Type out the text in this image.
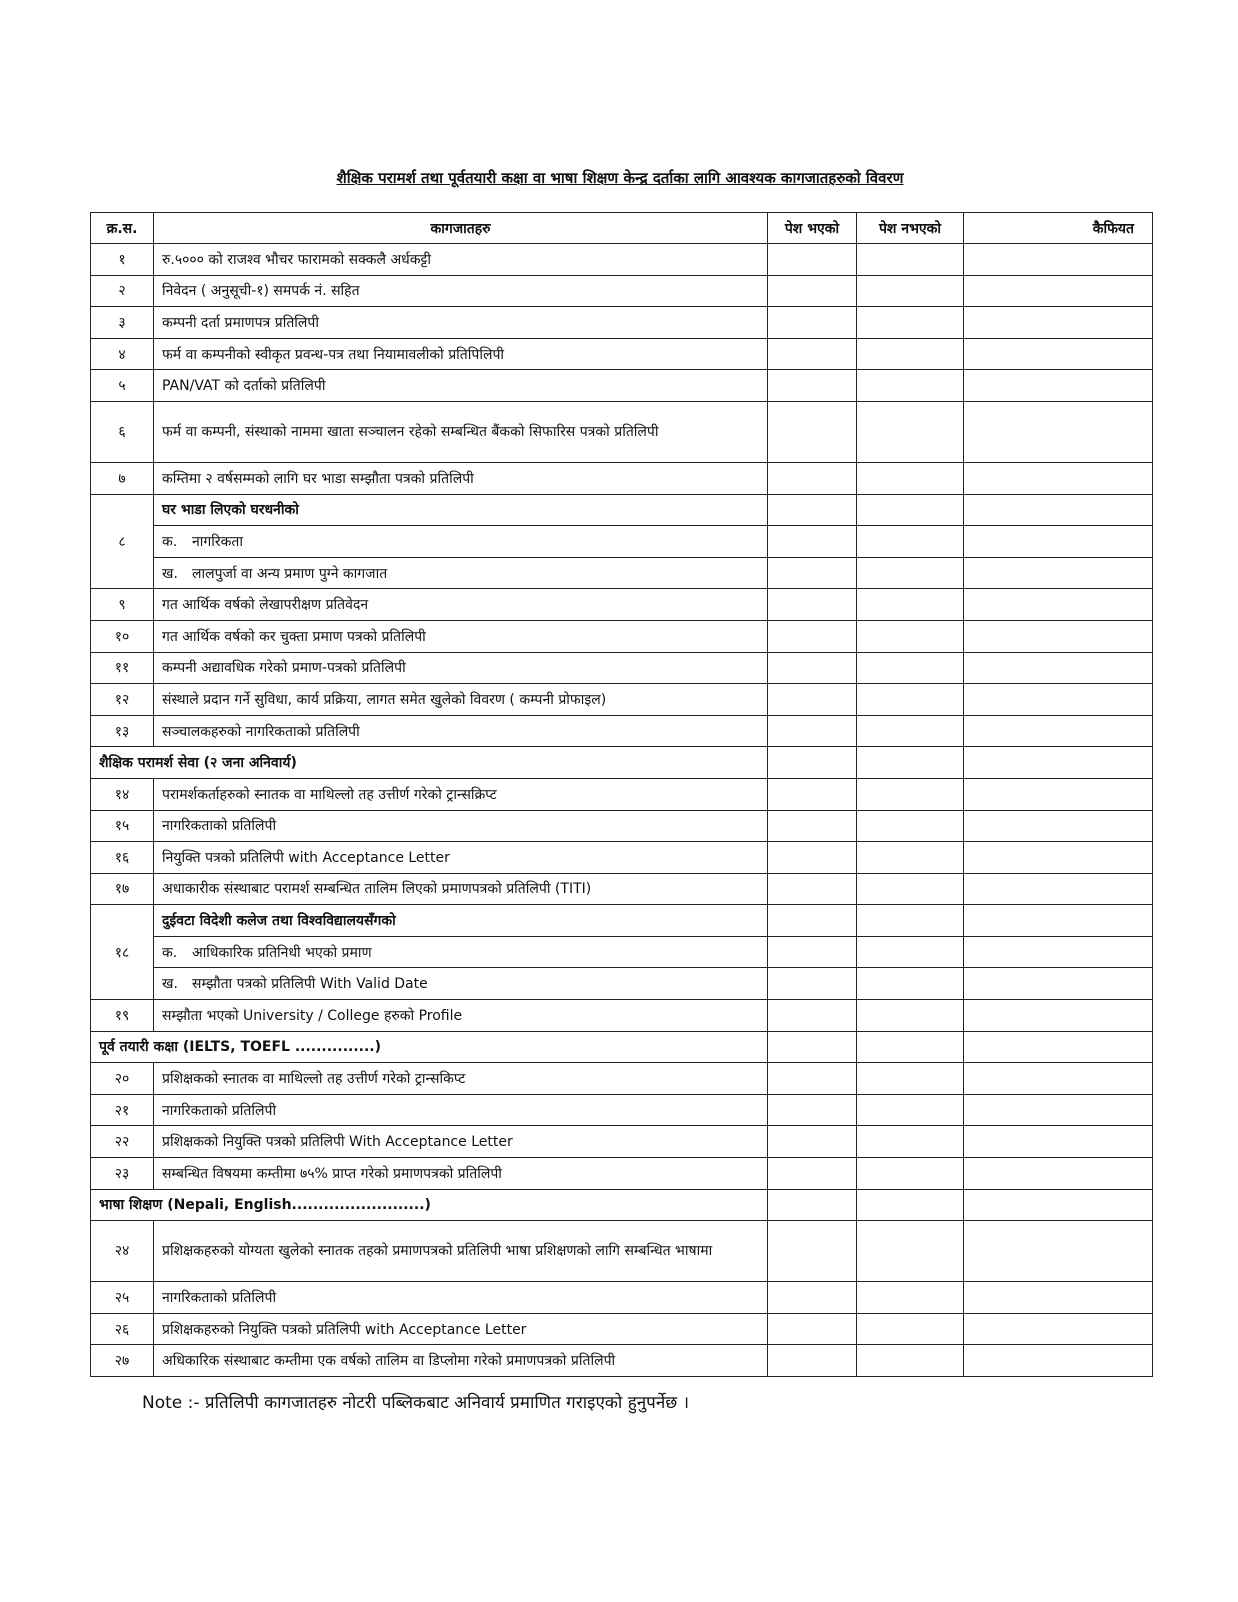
शैक्षिक परामर्श तथा पूर्वतयारी कक्षा वा भाषा शिक्षण केन्द्र दर्ताका लागि आवश्यक कागजातहरुको विवरण
क्र.स.	कागजातहरु	पेश भएको	पेश नभएको	कैफियत
१	रु.५००० को राजश्व भौचर फारामको सक्कलै अर्धकट्टी			
२	निवेदन ( अनुसूची-१) समपर्क नं. सहित			
३	कम्पनी दर्ता प्रमाणपत्र प्रतिलिपी			
४	फर्म वा कम्पनीको स्वीकृत प्रवन्ध-पत्र तथा नियामावलीको प्रतिपिलिपी			
५	PAN/VAT को दर्ताको प्रतिलिपी			
६	फर्म वा कम्पनी, संस्थाको नाममा खाता सञ्चालन रहेको सम्बन्धित बैंकको सिफारिस पत्रको प्रतिलिपी			
७	कम्तिमा २ वर्षसम्मको लागि घर भाडा सम्झौता पत्रको प्रतिलिपी			
८	घर भाडा लिएको घरधनीको			
	क. नागरिकता			
	ख. लालपुर्जा वा अन्य प्रमाण पुग्ने कागजात			
९	गत आर्थिक वर्षको लेखापरीक्षण प्रतिवेदन			
१०	गत आर्थिक वर्षको कर चुक्ता प्रमाण पत्रको प्रतिलिपी			
११	कम्पनी अद्यावधिक गरेको प्रमाण-पत्रको प्रतिलिपी			
१२	संस्थाले प्रदान गर्ने सुविधा, कार्य प्रक्रिया, लागत समेत खुलेको विवरण ( कम्पनी प्रोफाइल)			
१३	सञ्चालकहरुको नागरिकताको प्रतिलिपी			
शैक्षिक परामर्श सेवा (२ जना अनिवार्य)				
१४	परामर्शकर्ताहरुको स्नातक वा माथिल्लो तह उत्तीर्ण गरेको ट्रान्सक्रिप्ट			
१५	नागरिकताको प्रतिलिपी			
१६	नियुक्ति पत्रको प्रतिलिपी with Acceptance Letter			
१७	अधाकारीक संस्थाबाट परामर्श सम्बन्धित तालिम लिएको प्रमाणपत्रको प्रतिलिपी (TITI)			
१८	दुईवटा विदेशी कलेज तथा विश्वविद्यालयसँगको			
	क. आधिकारिक प्रतिनिधी भएको प्रमाण			
	ख. सम्झौता पत्रको प्रतिलिपी With Valid Date			
१९	सम्झौता भएको University / College हरुको Profile			
पूर्व तयारी कक्षा (IELTS, TOEFL ...............)				
२०	प्रशिक्षकको स्नातक वा माथिल्लो तह उत्तीर्ण गरेको ट्रान्सकिप्ट			
२१	नागरिकताको प्रतिलिपी			
२२	प्रशिक्षकको नियुक्ति पत्रको प्रतिलिपी With Acceptance Letter			
२३	सम्बन्धित विषयमा कम्तीमा ७५% प्राप्त गरेको प्रमाणपत्रको प्रतिलिपी			
भाषा शिक्षण (Nepali, English.........................)				
२४	प्रशिक्षकहरुको योग्यता खुलेको स्नातक तहको प्रमाणपत्रको प्रतिलिपी भाषा प्रशिक्षणको लागि सम्बन्धित भाषामा			
२५	नागरिकताको प्रतिलिपी			
२६	प्रशिक्षकहरुको नियुक्ति पत्रको प्रतिलिपी with Acceptance Letter			
२७	अधिकारिक संस्थाबाट कम्तीमा एक वर्षको तालिम वा डिप्लोमा गरेको प्रमाणपत्रको प्रतिलिपी			
Note :- प्रतिलिपी कागजातहरु नोटरी पब्लिकबाट अनिवार्य प्रमाणित गराइएको हुनुपर्नेछ ।
